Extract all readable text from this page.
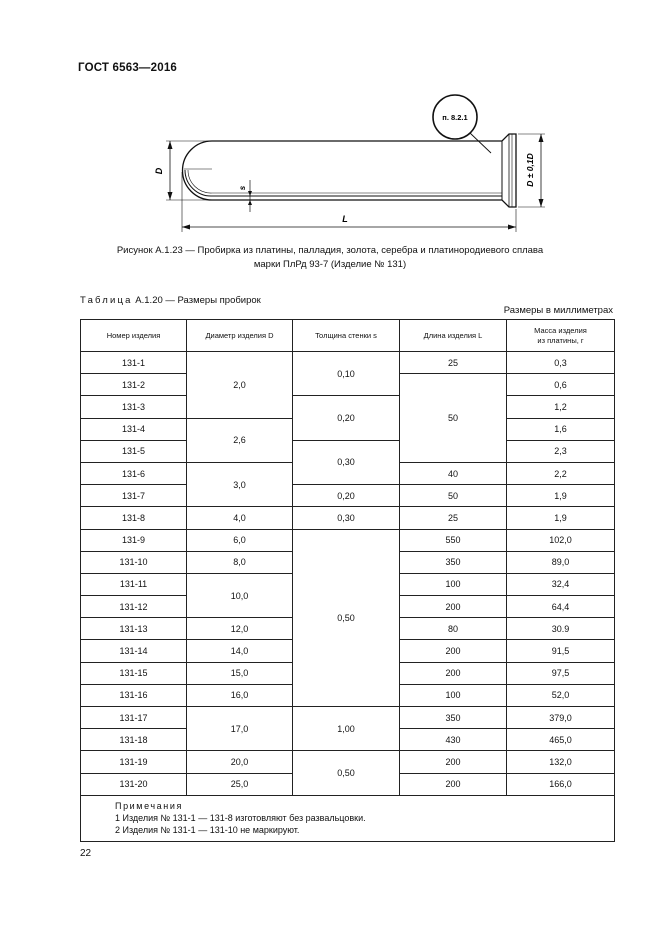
ГОСТ 6563—2016
п. 8.2.1
D	D ± 0,1D
s
L
Рисунок А.1.23 — Пробирка из платины, палладия, золота, серебра и платинородиевого сплава
марки ПлРд 93-7 (Изделие № 131)
Таблица А.1.20 — Размеры пробирок
Размеры в миллиметрах
Номер изделия	Диаметр изделия D	Толщина стенки s	Длина изделия L	Масса изделия
из платины, г
131-1	2,0	0,10	25	0,3
131-2			50	0,6
131-3		0,20		1,2
131-4	2,6			1,6
131-5		0,30		2,3
131-6	3,0		40	2,2
131-7		0,20	50	1,9
131-8	4,0	0,30	25	1,9
131-9	6,0	0,50	550	102,0
131-10	8,0		350	89,0
131-11	10,0		100	32,4
131-12			200	64,4
131-13	12,0		80	30.9
131-14	14,0		200	91,5
131-15	15,0		200	97,5
131-16	16,0		100	52,0
131-17	17,0	1,00	350	379,0
131-18			430	465,0
131-19	20,0	0,50	200	132,0
131-20	25,0		200	166,0

Примечания
1 Изделия № 131-1 — 131-8 изготовляют без развальцовки.
2 Изделия № 131-1 — 131-10 не маркируют.				
22
